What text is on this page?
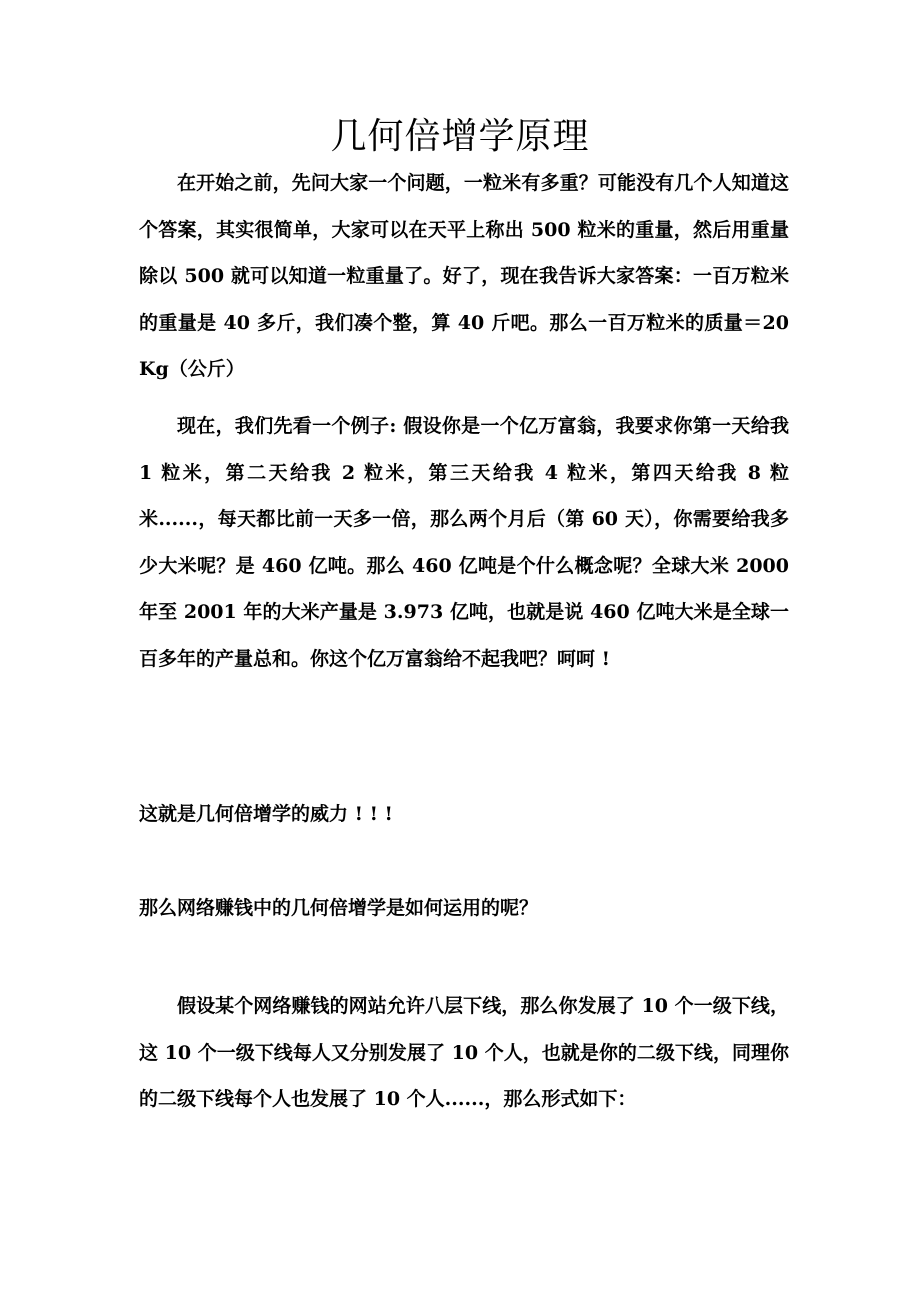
几何倍增学原理

在开始之前，先问大家一个问题，一粒米有多重？可能没有几个人知道这个答案，其实很简单，大家可以在天平上称出 500 粒米的重量，然后用重量除以 500 就可以知道一粒重量了。好了，现在我告诉大家答案：一百万粒米的重量是 40 多斤，我们凑个整，算 40 斤吧。那么一百万粒米的质量＝20Kg（公斤）

现在，我们先看一个例子: 假设你是一个亿万富翁，我要求你第一天给我 1 粒米，第二天给我 2 粒米，第三天给我 4 粒米，第四天给我 8 粒米......，每天都比前一天多一倍，那么两个月后（第 60 天），你需要给我多少大米呢？是 460 亿吨。那么 460 亿吨是个什么概念呢？全球大米 2000 年至 2001 年的大米产量是 3.973 亿吨，也就是说 460 亿吨大米是全球一百多年的产量总和。你这个亿万富翁给不起我吧？呵呵 !

这就是几何倍增学的威力 ! ! !

那么网络赚钱中的几何倍增学是如何运用的呢？

假设某个网络赚钱的网站允许八层下线，那么你发展了 10 个一级下线，这 10 个一级下线每人又分别发展了 10 个人，也就是你的二级下线，同理你的二级下线每个人也发展了 10 个人......，那么形式如下：
